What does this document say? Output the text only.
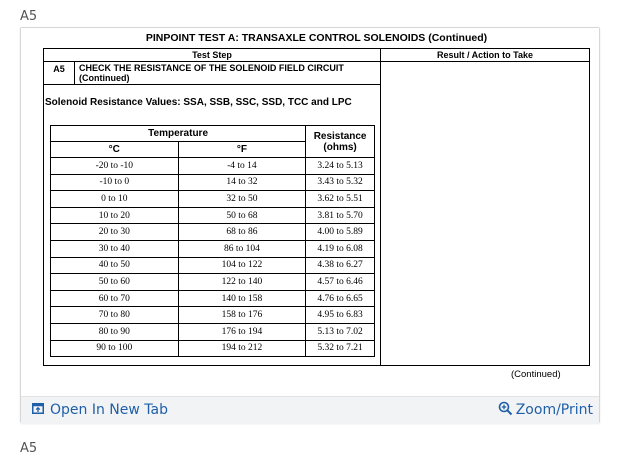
A5
PINPOINT TEST A: TRANSAXLE CONTROL SOLENOIDS (Continued)
Test Step	Result / Action to Take
A5	CHECK THE RESISTANCE OF THE SOLENOID FIELD CIRCUIT (Continued)
Solenoid Resistance Values: SSA, SSB, SSC, SSD, TCC and LPC
Temperature		Resistance (ohms)
°C	°F	
-20 to -10	-4 to 14	3.24 to 5.13
-10 to 0	14 to 32	3.43 to 5.32
0 to 10	32 to 50	3.62 to 5.51
10 to 20	50 to 68	3.81 to 5.70
20 to 30	68 to 86	4.00 to 5.89
30 to 40	86 to 104	4.19 to 6.08
40 to 50	104 to 122	4.38 to 6.27
50 to 60	122 to 140	4.57 to 6.46
60 to 70	140 to 158	4.76 to 6.65
70 to 80	158 to 176	4.95 to 6.83
80 to 90	176 to 194	5.13 to 7.02
90 to 100	194 to 212	5.32 to 7.21
(Continued)
Open In New Tab	Zoom/Print
A5
